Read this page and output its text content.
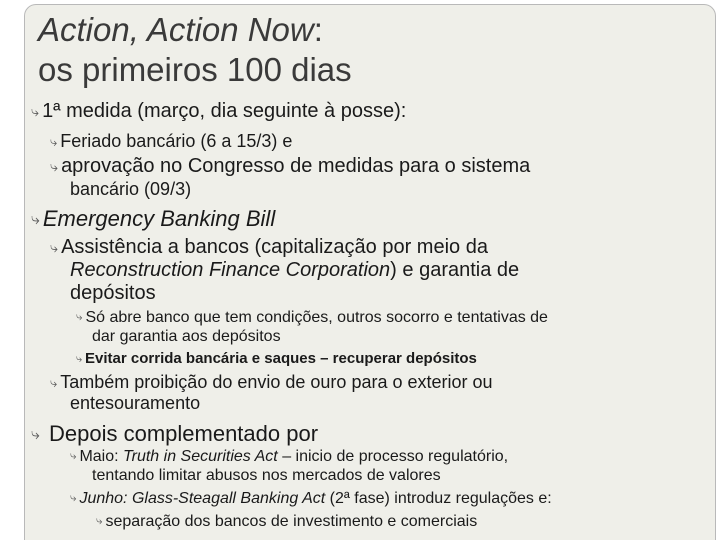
Action, Action Now:
os primeiros 100 dias
⤷ 1ª medida (março, dia seguinte à posse):
⤷ Feriado bancário (6 a 15/3) e
⤷ aprovação no Congresso de medidas para o sistema
bancário (09/3)
⤷ Emergency Banking Bill
⤷ Assistência a bancos (capitalização por meio da
Reconstruction Finance Corporation) e garantia de
depósitos
⤷ Só abre banco que tem condições, outros socorro e tentativas de
dar garantia aos depósitos
⤷ Evitar corrida bancária e saques – recuperar depósitos
⤷ Também proibição do envio de ouro para o exterior ou
entesouramento
⤷ Depois complementado por
⤷ Maio: Truth in Securities Act – inicio de processo regulatório,
tentando limitar abusos nos mercados de valores
⤷ Junho: Glass-Steagall Banking Act (2ª fase) introduz regulações e:
⤷ separação dos bancos de investimento e comerciais
